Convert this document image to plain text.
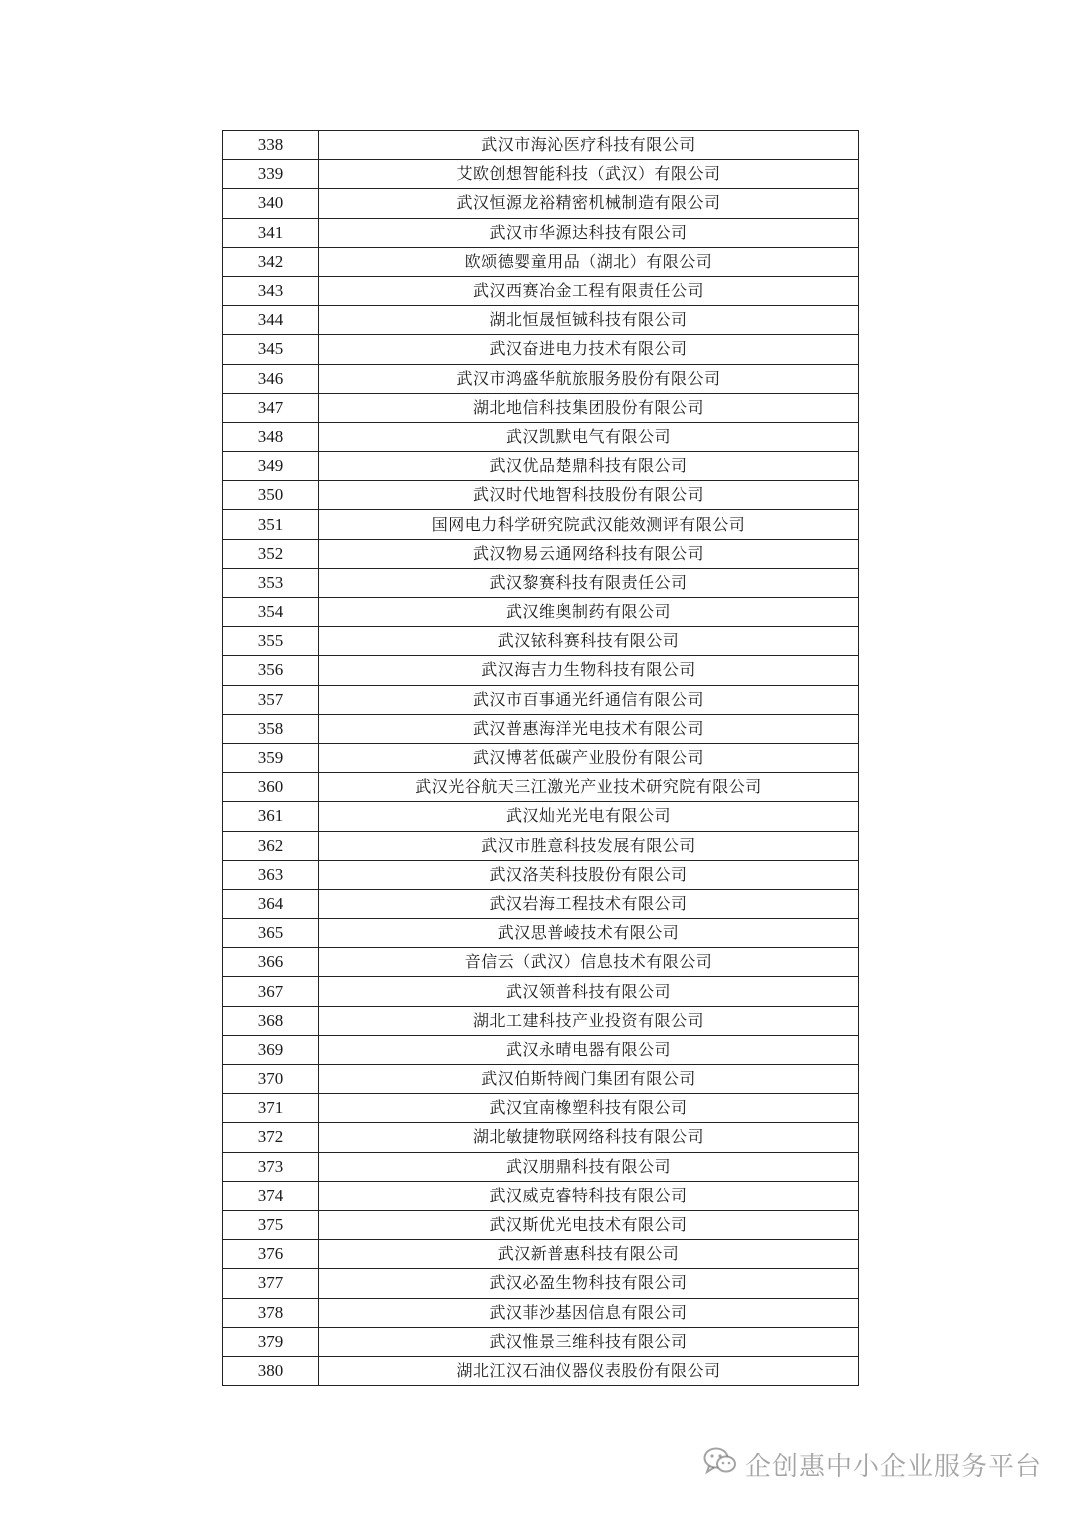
338	武汉市海沁医疗科技有限公司
339	艾欧创想智能科技（武汉）有限公司
340	武汉恒源龙裕精密机械制造有限公司
341	武汉市华源达科技有限公司
342	欧颂德婴童用品（湖北）有限公司
343	武汉西赛冶金工程有限责任公司
344	湖北恒晟恒铖科技有限公司
345	武汉奋进电力技术有限公司
346	武汉市鸿盛华航旅服务股份有限公司
347	湖北地信科技集团股份有限公司
348	武汉凯默电气有限公司
349	武汉优品楚鼎科技有限公司
350	武汉时代地智科技股份有限公司
351	国网电力科学研究院武汉能效测评有限公司
352	武汉物易云通网络科技有限公司
353	武汉黎赛科技有限责任公司
354	武汉维奥制药有限公司
355	武汉铱科赛科技有限公司
356	武汉海吉力生物科技有限公司
357	武汉市百事通光纤通信有限公司
358	武汉普惠海洋光电技术有限公司
359	武汉博茗低碳产业股份有限公司
360	武汉光谷航天三江激光产业技术研究院有限公司
361	武汉灿光光电有限公司
362	武汉市胜意科技发展有限公司
363	武汉洛芙科技股份有限公司
364	武汉岩海工程技术有限公司
365	武汉思普崚技术有限公司
366	音信云（武汉）信息技术有限公司
367	武汉领普科技有限公司
368	湖北工建科技产业投资有限公司
369	武汉永晴电器有限公司
370	武汉伯斯特阀门集团有限公司
371	武汉宜南橡塑科技有限公司
372	湖北敏捷物联网络科技有限公司
373	武汉朋鼎科技有限公司
374	武汉威克睿特科技有限公司
375	武汉斯优光电技术有限公司
376	武汉新普惠科技有限公司
377	武汉必盈生物科技有限公司
378	武汉菲沙基因信息有限公司
379	武汉惟景三维科技有限公司
380	湖北江汉石油仪器仪表股份有限公司
企创惠中小企业服务平台
